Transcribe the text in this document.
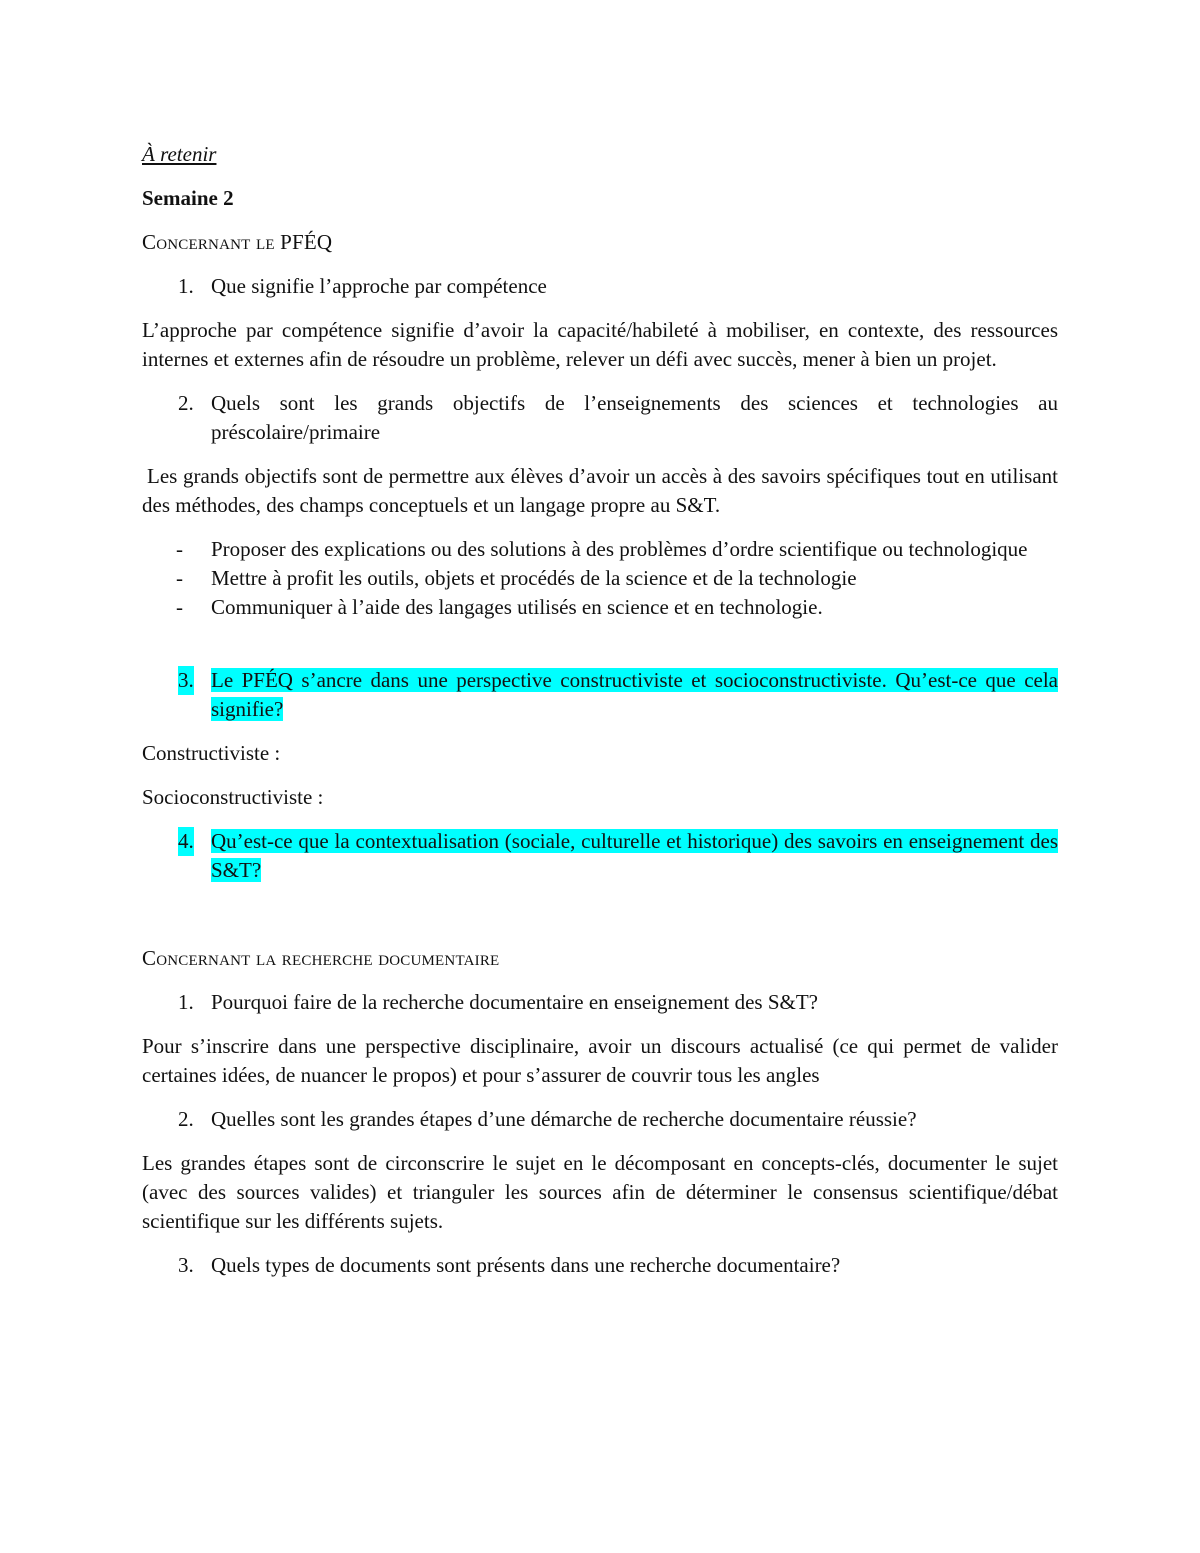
À retenir

Semaine 2

Concernant le PFÉQ

1. Que signifie l’approche par compétence

L’approche par compétence signifie d’avoir la capacité/habileté à mobiliser, en contexte, des ressources internes et externes afin de résoudre un problème, relever un défi avec succès, mener à bien un projet.

2. Quels sont les grands objectifs de l’enseignements des sciences et technologies au préscolaire/primaire

Les grands objectifs sont de permettre aux élèves d’avoir un accès à des savoirs spécifiques tout en utilisant des méthodes, des champs conceptuels et un langage propre au S&T.

- Proposer des explications ou des solutions à des problèmes d’ordre scientifique ou technologique
- Mettre à profit les outils, objets et procédés de la science et de la technologie
- Communiquer à l’aide des langages utilisés en science et en technologie.
3. Le PFÉQ s’ancre dans une perspective constructiviste et socioconstructiviste. Qu’est-ce que cela signifie?

Constructiviste :

Socioconstructiviste :

4. Qu’est-ce que la contextualisation (sociale, culturelle et historique) des savoirs en enseignement des S&T?

Concernant la recherche documentaire

1. Pourquoi faire de la recherche documentaire en enseignement des S&T?

Pour s’inscrire dans une perspective disciplinaire, avoir un discours actualisé (ce qui permet de valider certaines idées, de nuancer le propos) et pour s’assurer de couvrir tous les angles

2. Quelles sont les grandes étapes d’une démarche de recherche documentaire réussie?

Les grandes étapes sont de circonscrire le sujet en le décomposant en concepts-clés, documenter le sujet (avec des sources valides) et trianguler les sources afin de déterminer le consensus scientifique/débat scientifique sur les différents sujets.

3. Quels types de documents sont présents dans une recherche documentaire?
